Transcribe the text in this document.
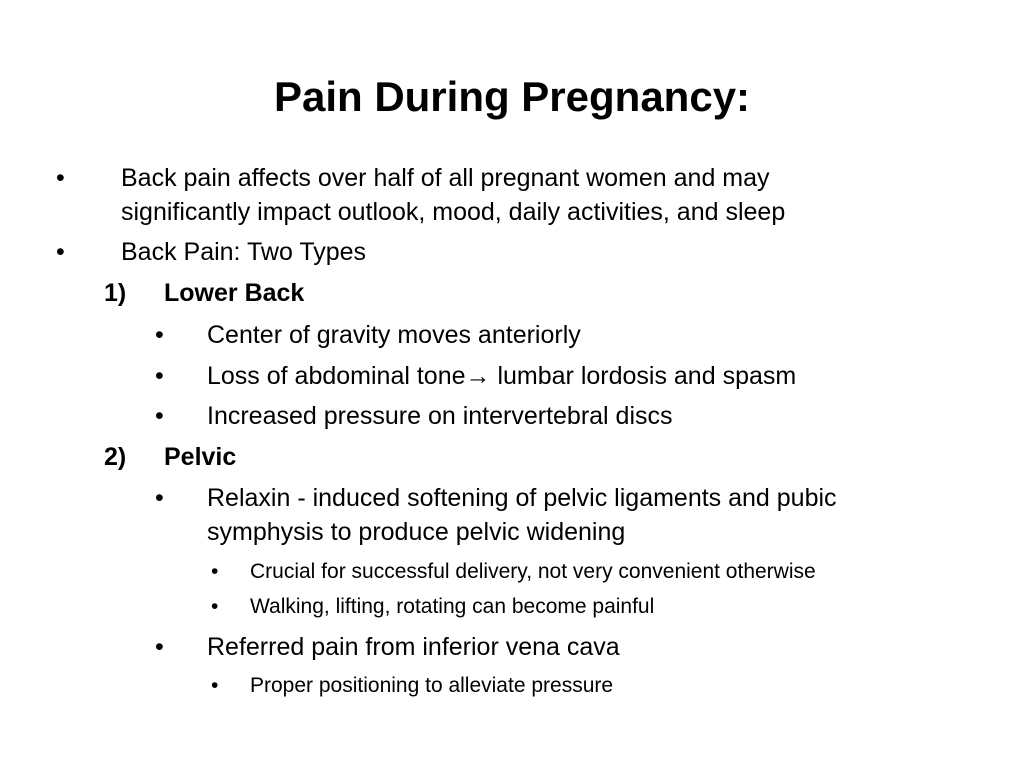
Pain During Pregnancy:
• Back pain affects over half of all pregnant women and may
significantly impact outlook, mood, daily activities, and sleep
• Back Pain: Two Types
1) Lower Back
• Center of gravity moves anteriorly
• Loss of abdominal tone→ lumbar lordosis and spasm
• Increased pressure on intervertebral discs
2) Pelvic
• Relaxin - induced softening of pelvic ligaments and pubic
symphysis to produce pelvic widening
• Crucial for successful delivery, not very convenient otherwise
• Walking, lifting, rotating can become painful
• Referred pain from inferior vena cava
• Proper positioning to alleviate pressure
